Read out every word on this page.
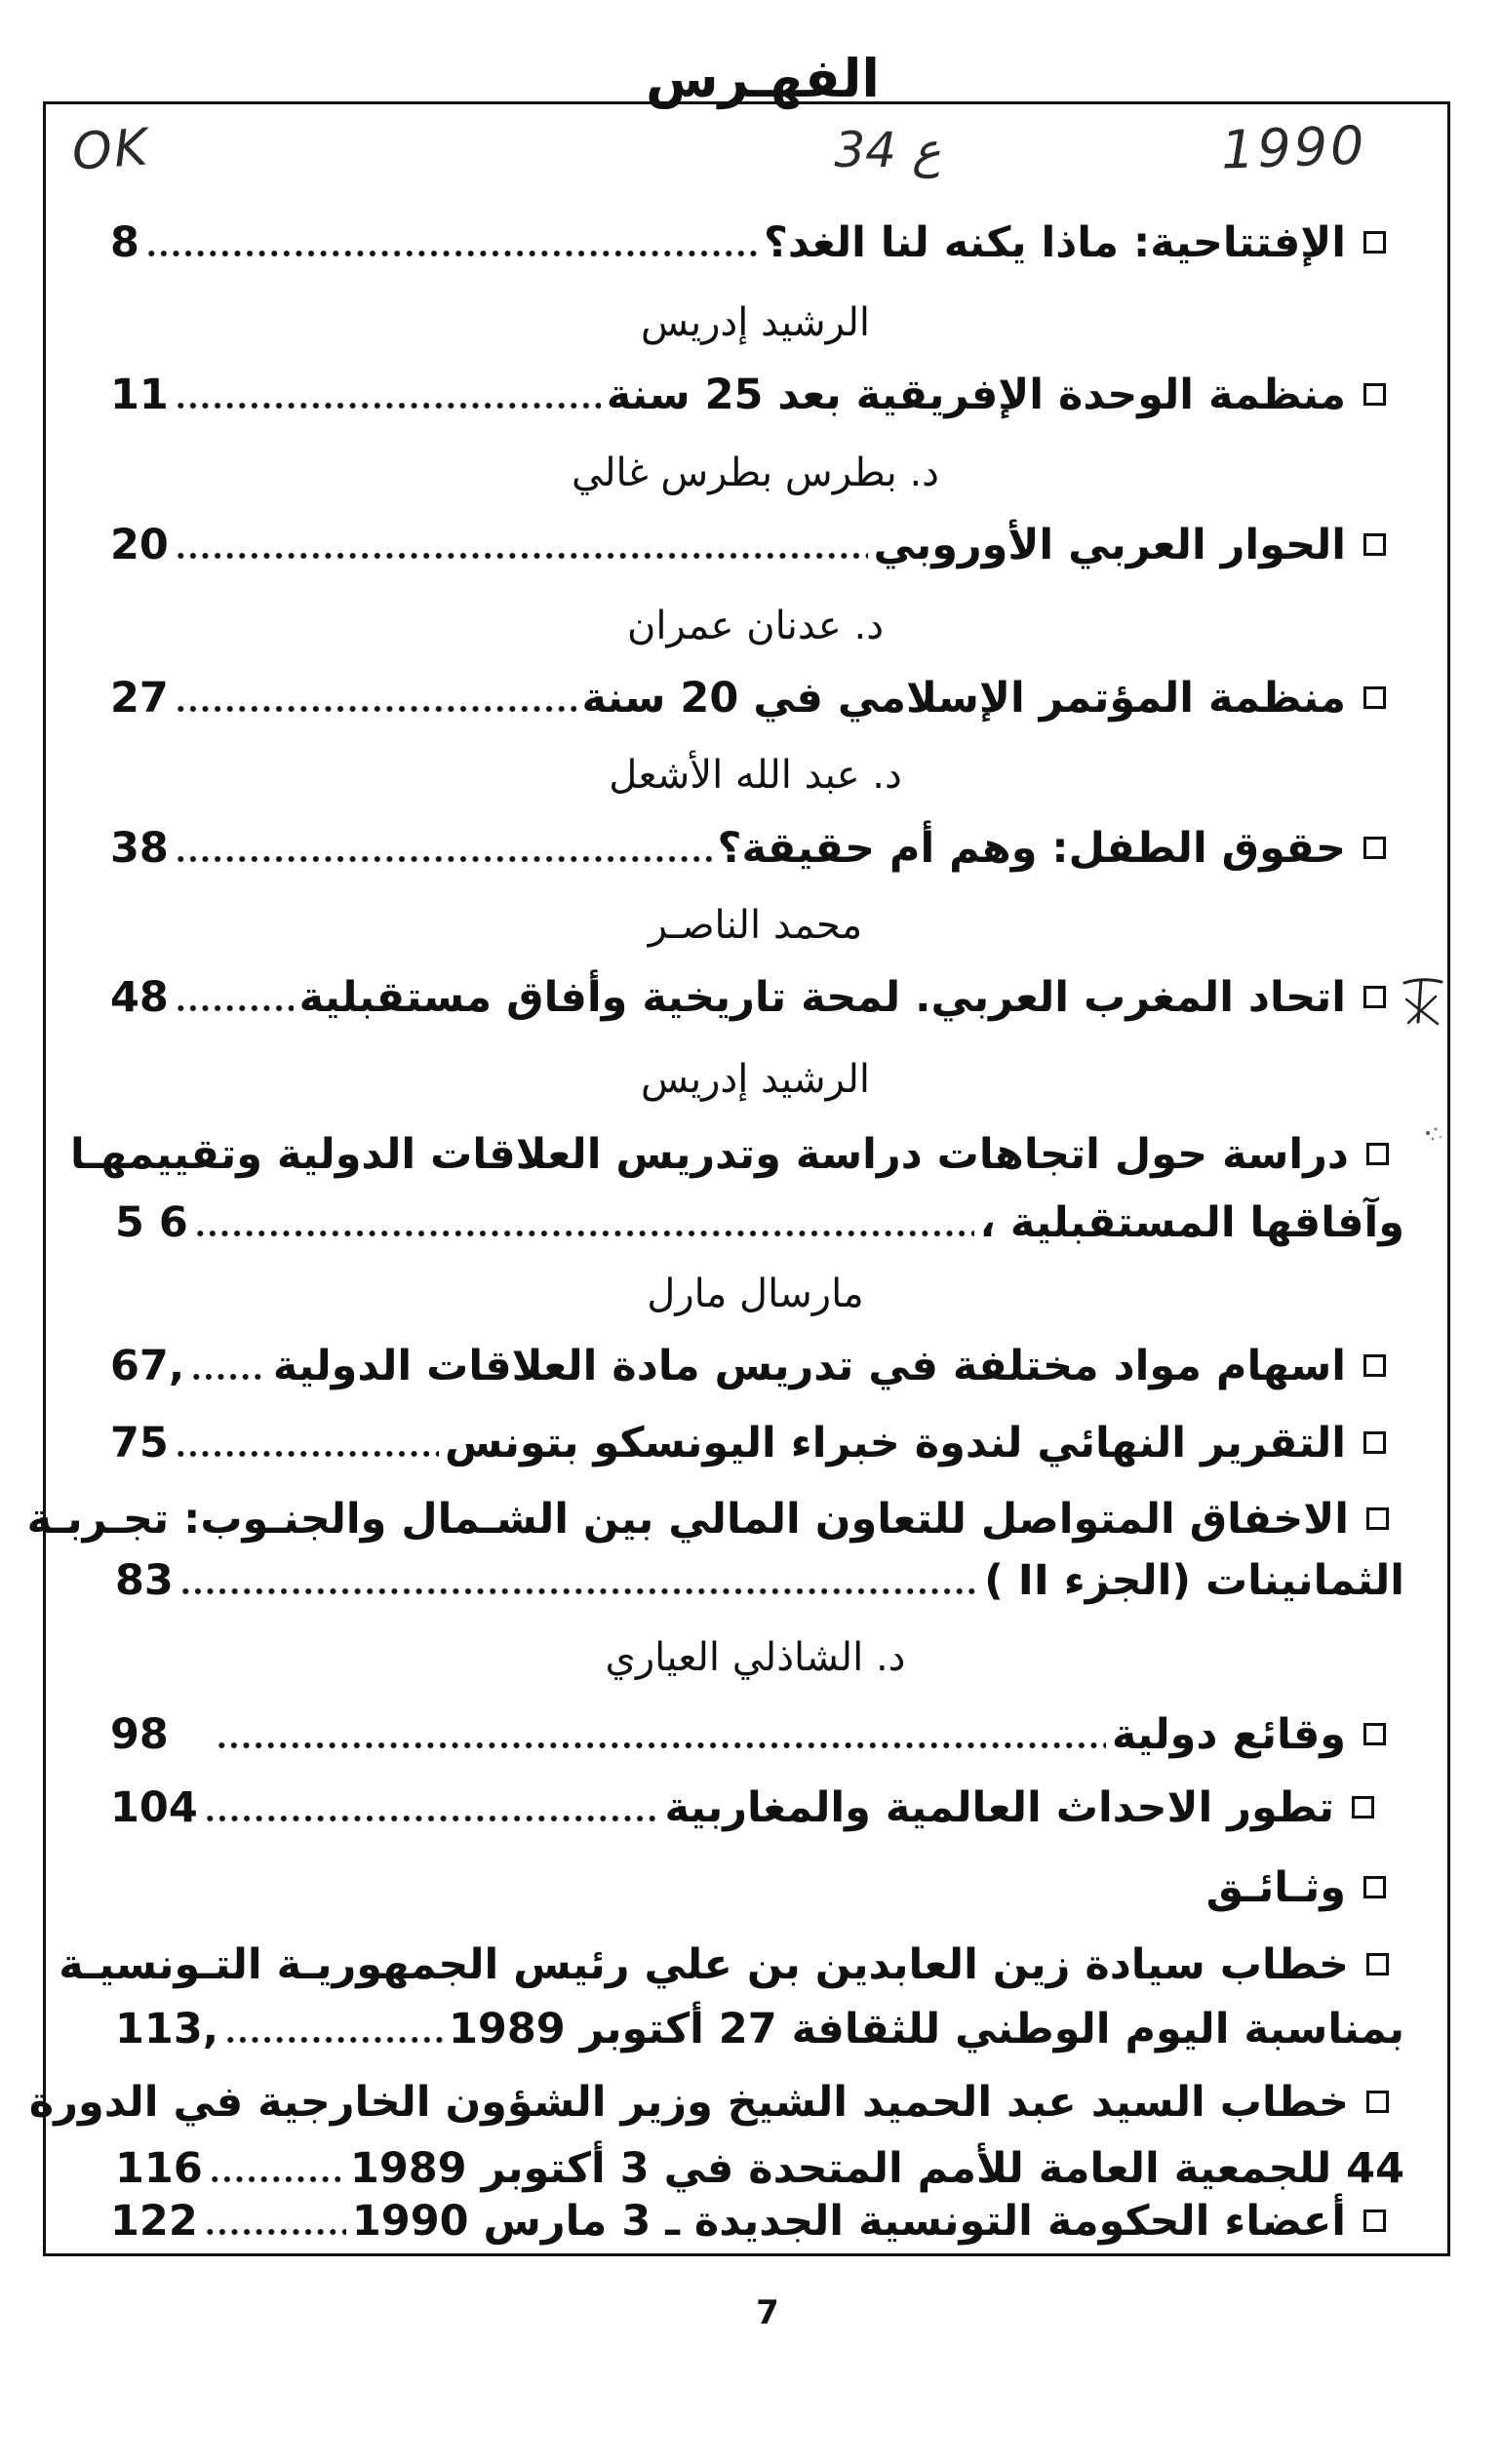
الفهـرس
OK	ع 34	1990
الإفتتاحية: ماذا يكنه لنا الغد؟
8
الرشيد إدريس
منظمة الوحدة الإفريقية بعد 25 سنة
11
د. بطرس بطرس غالي
الحوار العربي الأوروبي
20
د. عدنان عمران
منظمة المؤتمر الإسلامي في 20 سنة
27
د. عبد الله الأشعل
حقوق الطفل: وهم أم حقيقة؟
38
محمد الناصـر
اتحاد المغرب العربي. لمحة تاريخية وأفاق مستقبلية
48
الرشيد إدريس
دراسة حول اتجاهات دراسة وتدريس العلاقات الدولية وتقييمهـا
وآفاقها المستقبلية ،
5 6
مارسال مارل
اسهام مواد مختلفة في تدريس مادة العلاقات الدولية
67,
التقرير النهائي لندوة خبراء اليونسكو بتونس
75
الاخفاق المتواصل للتعاون المالي بين الشـمال والجنـوب: تجـربـة
الثمانينات (الجزء II )
83
د. الشاذلي العياري
وقائع دولية
98
تطور الاحداث العالمية والمغاربية
104
وثـائـق
خطاب سيادة زين العابدين بن علي رئيس الجمهوريـة التـونسيـة
بمناسبة اليوم الوطني للثقافة 27 أكتوبر 1989
113,
خطاب السيد عبد الحميد الشيخ وزير الشؤون الخارجية في الدورة
44 للجمعية العامة للأمم المتحدة في 3 أكتوبر 1989
116
أعضاء الحكومة التونسية الجديدة ـ 3 مارس 1990
122
7
